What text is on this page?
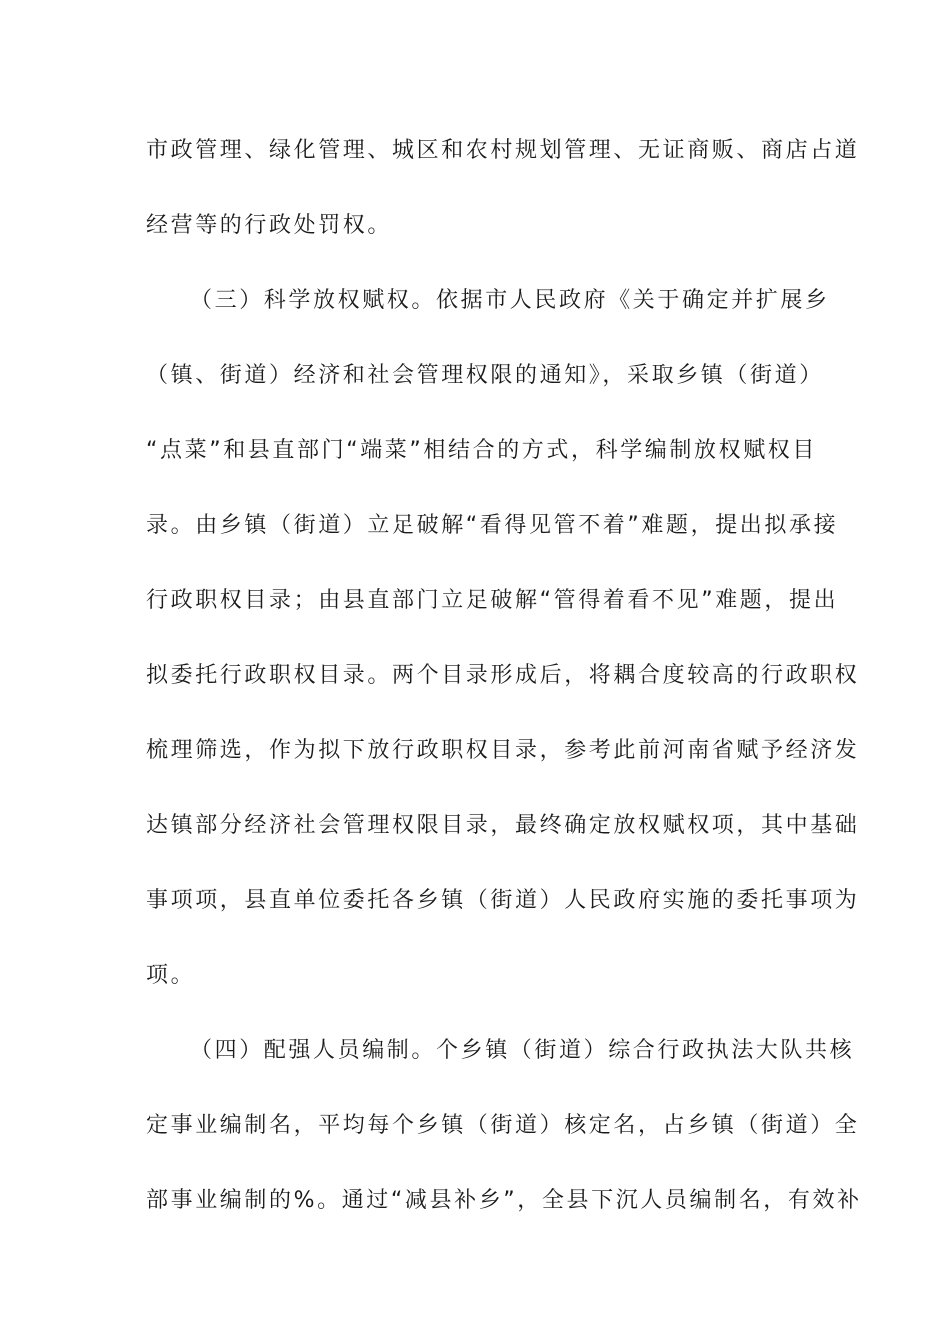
市政管理、绿化管理、城区和农村规划管理、无证商贩、商店占道
经营等的行政处罚权。
（三）科学放权赋权。依据市人民政府《关于确定并扩展乡
（镇、街道）经济和社会管理权限的通知》，采取乡镇（街道）
“点菜”和县直部门“端菜”相结合的方式，科学编制放权赋权目
录。由乡镇（街道）立足破解“看得见管不着”难题，提出拟承接
行政职权目录；由县直部门立足破解“管得着看不见”难题，提出
拟委托行政职权目录。两个目录形成后，将耦合度较高的行政职权
梳理筛选，作为拟下放行政职权目录，参考此前河南省赋予经济发
达镇部分经济社会管理权限目录，最终确定放权赋权项，其中基础
事项项，县直单位委托各乡镇（街道）人民政府实施的委托事项为
项。
（四）配强人员编制。个乡镇（街道）综合行政执法大队共核
定事业编制名，平均每个乡镇（街道）核定名，占乡镇（街道）全
部事业编制的%。通过“减县补乡”，全县下沉人员编制名，有效补
